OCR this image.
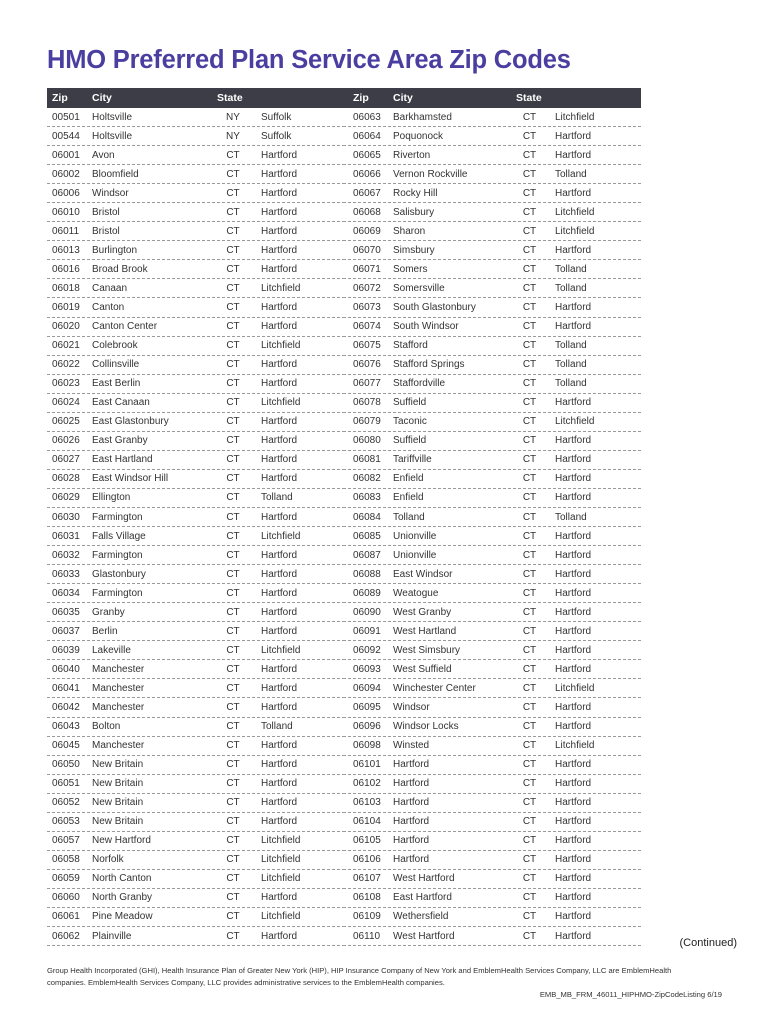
HMO Preferred Plan Service Area Zip Codes
Zip	City	State
00501	Holtsville	NY	Suffolk
00544	Holtsville	NY	Suffolk
06001	Avon	CT	Hartford
06002	Bloomfield	CT	Hartford
06006	Windsor	CT	Hartford
06010	Bristol	CT	Hartford
06011	Bristol	CT	Hartford
06013	Burlington	CT	Hartford
06016	Broad Brook	CT	Hartford
06018	Canaan	CT	Litchfield
06019	Canton	CT	Hartford
06020	Canton Center	CT	Hartford
06021	Colebrook	CT	Litchfield
06022	Collinsville	CT	Hartford
06023	East Berlin	CT	Hartford
06024	East Canaan	CT	Litchfield
06025	East Glastonbury	CT	Hartford
06026	East Granby	CT	Hartford
06027	East Hartland	CT	Hartford
06028	East Windsor Hill	CT	Hartford
06029	Ellington	CT	Tolland
06030	Farmington	CT	Hartford
06031	Falls Village	CT	Litchfield
06032	Farmington	CT	Hartford
06033	Glastonbury	CT	Hartford
06034	Farmington	CT	Hartford
06035	Granby	CT	Hartford
06037	Berlin	CT	Hartford
06039	Lakeville	CT	Litchfield
06040	Manchester	CT	Hartford
06041	Manchester	CT	Hartford
06042	Manchester	CT	Hartford
06043	Bolton	CT	Tolland
06045	Manchester	CT	Hartford
06050	New Britain	CT	Hartford
06051	New Britain	CT	Hartford
06052	New Britain	CT	Hartford
06053	New Britain	CT	Hartford
06057	New Hartford	CT	Litchfield
06058	Norfolk	CT	Litchfield
06059	North Canton	CT	Litchfield
06060	North Granby	CT	Hartford
06061	Pine Meadow	CT	Litchfield
06062	Plainville	CT	Hartford
Zip	City	State
06063	Barkhamsted	CT	Litchfield
06064	Poquonock	CT	Hartford
06065	Riverton	CT	Hartford
06066	Vernon Rockville	CT	Tolland
06067	Rocky Hill	CT	Hartford
06068	Salisbury	CT	Litchfield
06069	Sharon	CT	Litchfield
06070	Simsbury	CT	Hartford
06071	Somers	CT	Tolland
06072	Somersville	CT	Tolland
06073	South Glastonbury	CT	Hartford
06074	South Windsor	CT	Hartford
06075	Stafford	CT	Tolland
06076	Stafford Springs	CT	Tolland
06077	Staffordville	CT	Tolland
06078	Suffield	CT	Hartford
06079	Taconic	CT	Litchfield
06080	Suffield	CT	Hartford
06081	Tariffville	CT	Hartford
06082	Enfield	CT	Hartford
06083	Enfield	CT	Hartford
06084	Tolland	CT	Tolland
06085	Unionville	CT	Hartford
06087	Unionville	CT	Hartford
06088	East Windsor	CT	Hartford
06089	Weatogue	CT	Hartford
06090	West Granby	CT	Hartford
06091	West Hartland	CT	Hartford
06092	West Simsbury	CT	Hartford
06093	West Suffield	CT	Hartford
06094	Winchester Center	CT	Litchfield
06095	Windsor	CT	Hartford
06096	Windsor Locks	CT	Hartford
06098	Winsted	CT	Litchfield
06101	Hartford	CT	Hartford
06102	Hartford	CT	Hartford
06103	Hartford	CT	Hartford
06104	Hartford	CT	Hartford
06105	Hartford	CT	Hartford
06106	Hartford	CT	Hartford
06107	West Hartford	CT	Hartford
06108	East Hartford	CT	Hartford
06109	Wethersfield	CT	Hartford
06110	West Hartford	CT	Hartford
(Continued)
Group Health Incorporated (GHI), Health Insurance Plan of Greater New York (HIP), HIP Insurance Company of New York and EmblemHealth Services Company, LLC are EmblemHealth companies. EmblemHealth Services Company, LLC provides administrative services to the EmblemHealth companies.
EMB_MB_FRM_46011_HIPHMO-ZipCodeListing 6/19
